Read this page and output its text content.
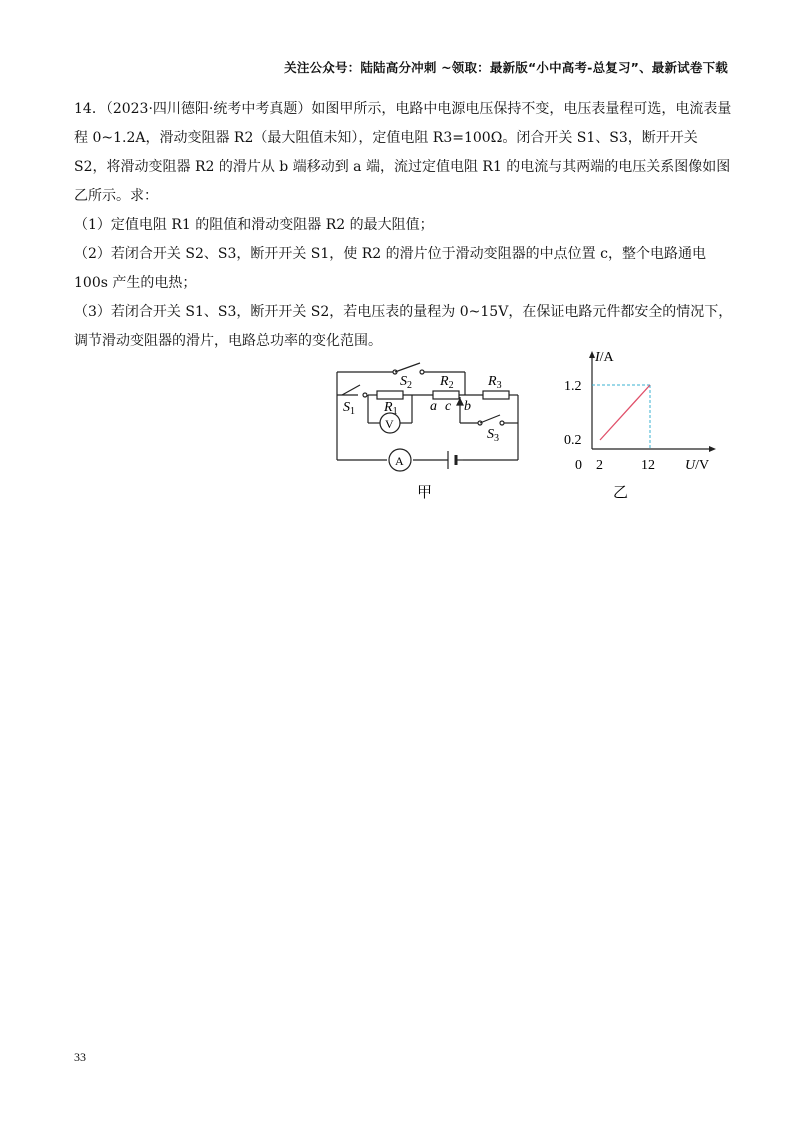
关注公众号：陆陆高分冲刺 ~领取：最新版“小中高考-总复习”、最新试卷下载

14．（2023·四川德阳·统考中考真题）如图甲所示，电路中电源电压保持不变，电压表量程可选，电流表量程 0~1.2A，滑动变阻器 R2（最大阻值未知），定值电阻 R3=100Ω。闭合开关 S1、S3，断开开关 S2，将滑动变阻器 R2 的滑片从 b 端移动到 a 端，流过定值电阻 R1 的电流与其两端的电压关系图像如图乙所示。求：

（1）定值电阻 R1 的阻值和滑动变阻器 R2 的最大阻值；

（2）若闭合开关 S2、S3，断开开关 S1，使 R2 的滑片位于滑动变阻器的中点位置 c，整个电路通电 100s 产生的电热；

（3）若闭合开关 S1、S3，断开开关 S2，若电压表的量程为 0~15V，在保证电路元件都安全的情况下，调节滑动变阻器的滑片，电路总功率的变化范围。

$S_2$
$S_1$
$S_3$
$R_1$
$R_2$ $R_3$
V
A
a c b
甲
I/A
U/V
1.2
0.2
0 2	12
乙
33
